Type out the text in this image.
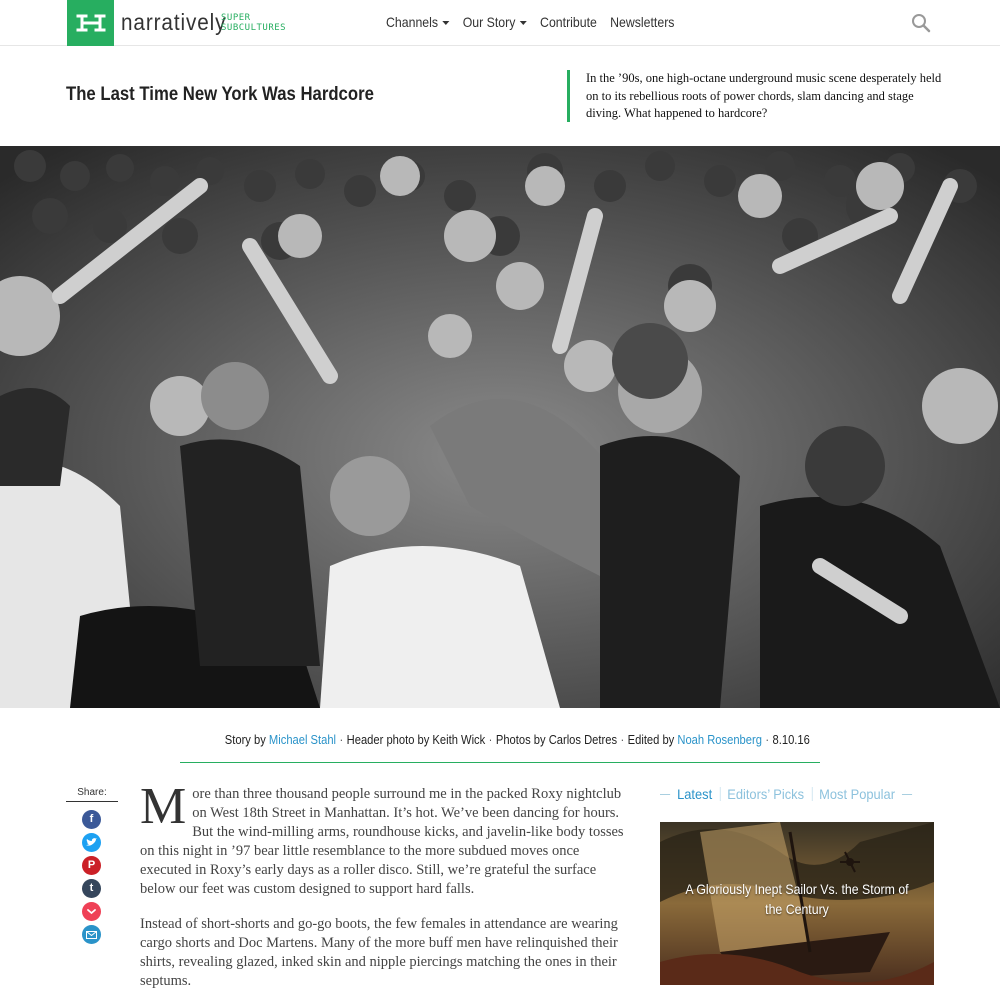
narratively
SUPER
SUBCULTURES	Channels	Our Story	Contribute Newsletters
The Last Time New York Was Hardcore

In the ’90s, one high-octane underground music scene desperately held on to its rebellious roots of power chords, slam dancing and stage diving. What happened to hardcore?

Story by Michael Stahl · Header photo by Keith Wick · Photos by Carlos Detres · Edited by Noah Rosenberg · 8.10.16
Share:
f
P
t

More than three thousand people surround me in the packed Roxy nightclub on West 18th Street in Manhattan. It’s hot. We’ve been dancing for hours. But the wind-milling arms, roundhouse kicks, and javelin-like body tosses on this night in ’97 bear little resemblance to the more subdued moves once executed in Roxy’s early days as a roller disco. Still, we’re grateful the surface below our feet was custom designed to support hard falls.

Instead of short-shorts and go-go boots, the few females in attendance are wearing cargo shorts and Doc Martens. Many of the more buff men have relinquished their shirts, revealing glazed, inked skin and nipple piercings matching the ones in their septums.

Latest Editors’ Picks Most Popular
A Gloriously Inept Sailor Vs. the Storm of the Century
